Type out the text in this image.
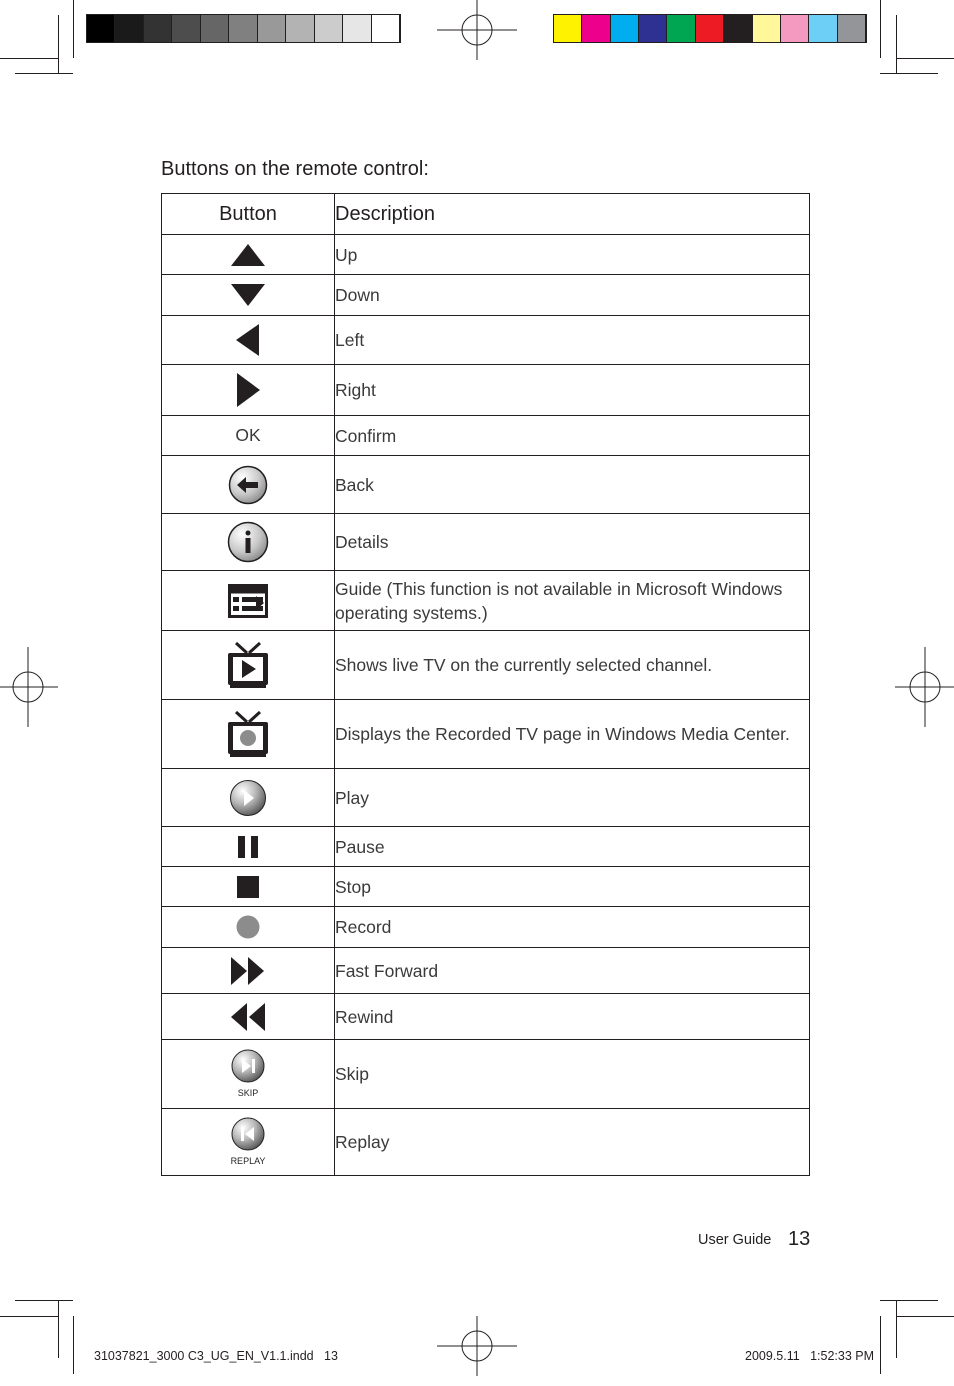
Buttons on the remote control:
Button	Description

	Up

	Down

	Left

	Right
OK	Confirm

	Back

	Details

	Guide (This function is not available in Microsoft Windows operating systems.)

	Shows live TV on the currently selected channel.

	Displays the Recorded TV page in Windows Media Center.

	Play

	Pause

	Stop

	Record

	Fast Forward

	Rewind

SKIP	Skip

REPLAY	Replay
User Guide 13
31037821_3000 C3_UG_EN_V1.1.indd   13	2009.5.11   1:52:33 PM
